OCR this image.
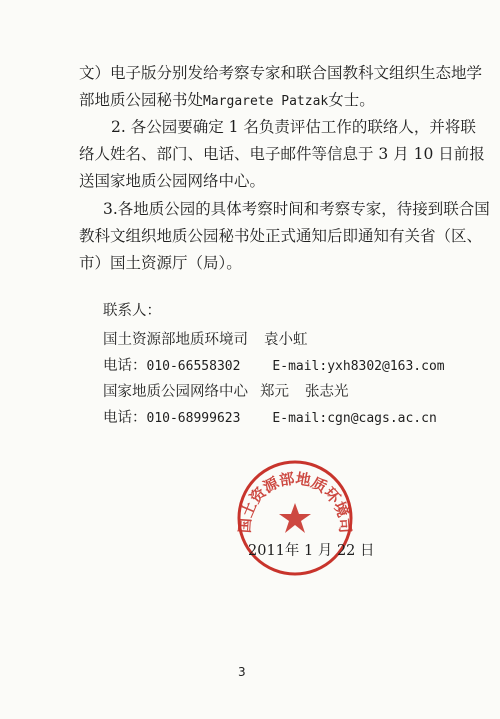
文）电子版分别发给考察专家和联合国教科文组织生态地学
部地质公园秘书处Margarete Patzak女士。
2. 各公园要确定 1 名负责评估工作的联络人，并将联
络人姓名、部门、电话、电子邮件等信息于 3 月 10 日前报
送国家地质公园网络中心。
3.各地质公园的具体考察时间和考察专家，待接到联合国
教科文组织地质公园秘书处正式通知后即通知有关省（区、
市）国土资源厅（局）。
联系人：
国土资源部地质环境司 袁小虹
电话：010-66558302 E-mail:yxh8302@163.com
国家地质公园网络中心 郑元 张志光
电话：010-68999623 E-mail:cgn@cags.ac.cn
国土资源部地质环境司
2011年 1 月 22 日
3
